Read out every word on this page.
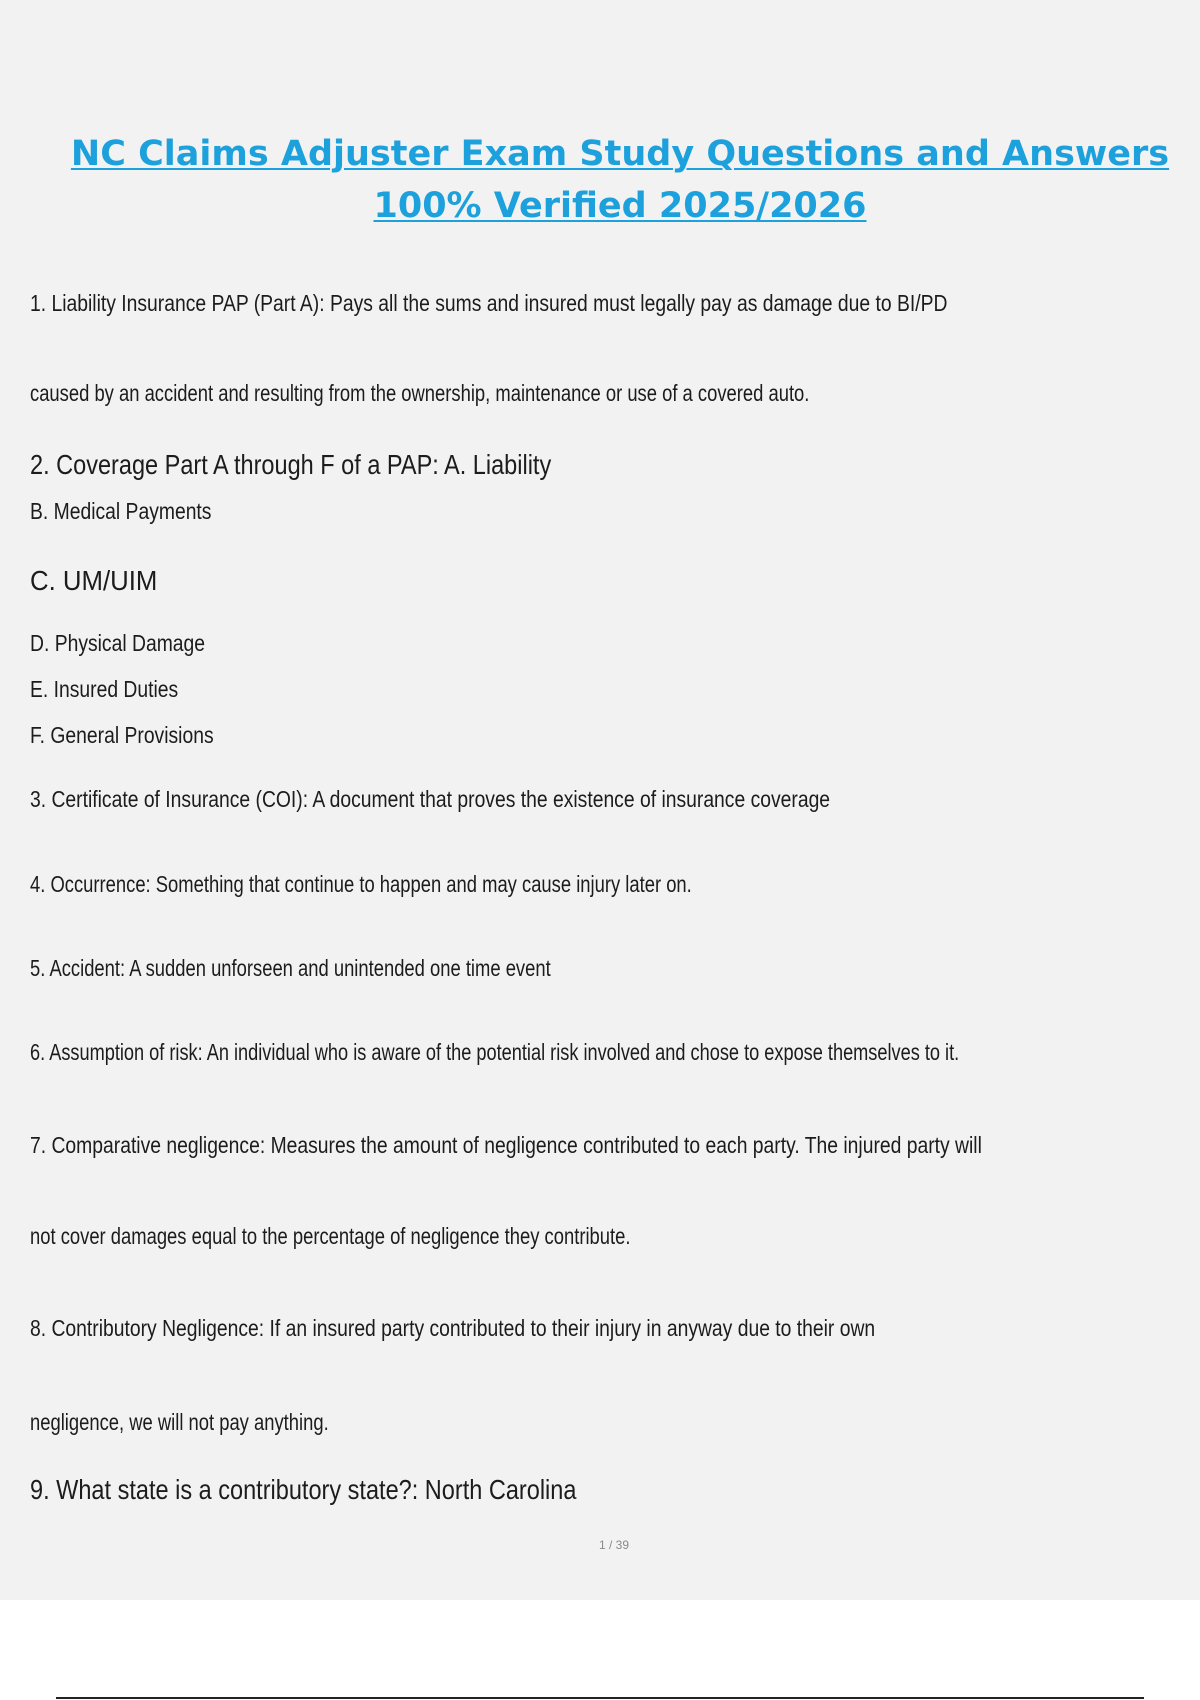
NC Claims Adjuster Exam Study Questions and Answers
100% Verified 2025/2026

1. Liability Insurance PAP (Part A): Pays all the sums and insured must legally pay as damage due to BI/PD

caused by an accident and resulting from the ownership, maintenance or use of a covered auto.

2. Coverage Part A through F of a PAP: A. Liability

B. Medical Payments

C. UM/UIM

D. Physical Damage

E. Insured Duties

F. General Provisions

3. Certificate of Insurance (COI): A document that proves the existence of insurance coverage

4. Occurrence: Something that continue to happen and may cause injury later on.

5. Accident: A sudden unforseen and unintended one time event

6. Assumption of risk: An individual who is aware of the potential risk involved and chose to expose themselves to it.

7. Comparative negligence: Measures the amount of negligence contributed to each party. The injured party will

not cover damages equal to the percentage of negligence they contribute.

8. Contributory Negligence: If an insured party contributed to their injury in anyway due to their own

negligence, we will not pay anything.

9. What state is a contributory state?: North Carolina

1 / 39
